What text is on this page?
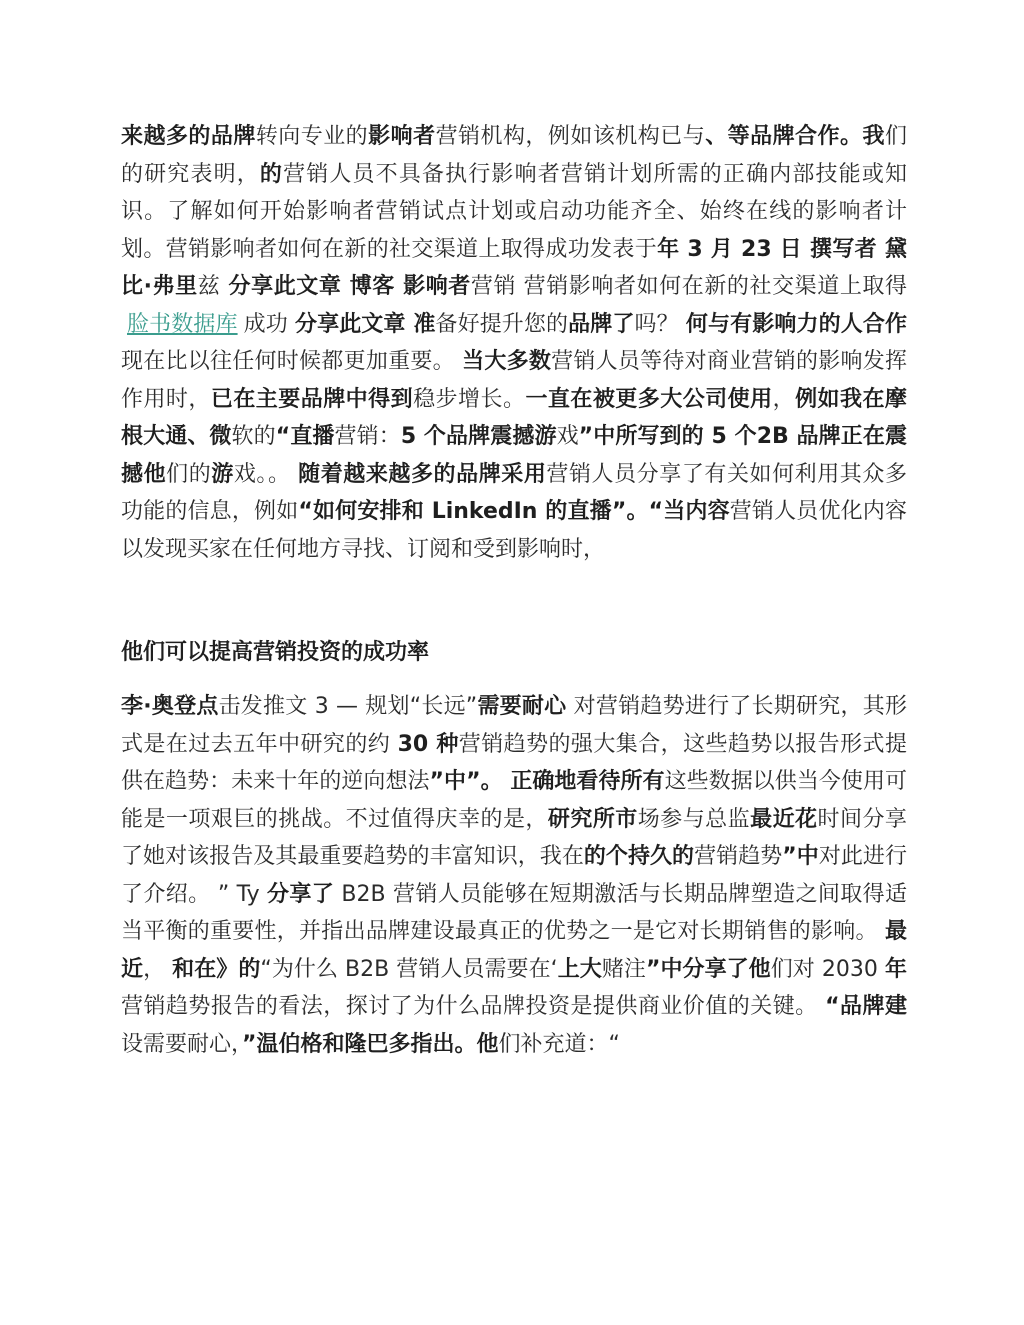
来越多的品牌转向专业的影响者营销机构，例如该机构已与、等品牌合作。我们的研究表明，的营销人员不具备执行影响者营销计划所需的正确内部技能或知识。了解如何开始影响者营销试点计划或启动功能齐全、始终在线的影响者计划。营销影响者如何在新的社交渠道上取得成功发表于年 3 月 23 日 撰写者 黛比·弗里兹 分享此文章 博客 影响者营销 营销影响者如何在新的社交渠道上取得脸书数据库 成功 分享此文章 准备好提升您的品牌了吗？ 何与有影响力的人合作现在比以往任何时候都更加重要。 当大多数营销人员等待对商业营销的影响发挥作用时，已在主要品牌中得到稳步增长。一直在被更多大公司使用，例如我在摩根大通、微软的“直播营销：5 个品牌震撼游戏”中所写到的 5 个2B 品牌正在震撼他们的游戏。。 随着越来越多的品牌采用营销人员分享了有关如何利用其众多功能的信息，例如“如何安排和 LinkedIn 的直播”。“当内容营销人员优化内容以发现买家在任何地方寻找、订阅和受到影响时，

他们可以提高营销投资的成功率

李·奥登点击发推文 3 — 规划“长远”需要耐心 对营销趋势进行了长期研究，其形式是在过去五年中研究的约 30 种营销趋势的强大集合，这些趋势以报告形式提供在趋势：未来十年的逆向想法”中”。 正确地看待所有这些数据以供当今使用可能是一项艰巨的挑战。不过值得庆幸的是，研究所市场参与总监最近花时间分享了她对该报告及其最重要趋势的丰富知识，我在的个持久的营销趋势”中对此进行了介绍。 ” Ty 分享了 B2B 营销人员能够在短期激活与长期品牌塑造之间取得适当平衡的重要性，并指出品牌建设最真正的优势之一是它对长期销售的影响。 最近， 和在》的“为什么 B2B 营销人员需要在‘上大赌注”中分享了他们对 2030 年营销趋势报告的看法，探讨了为什么品牌投资是提供商业价值的关键。 “品牌建设需要耐心，”温伯格和隆巴多指出。他们补充道：“
